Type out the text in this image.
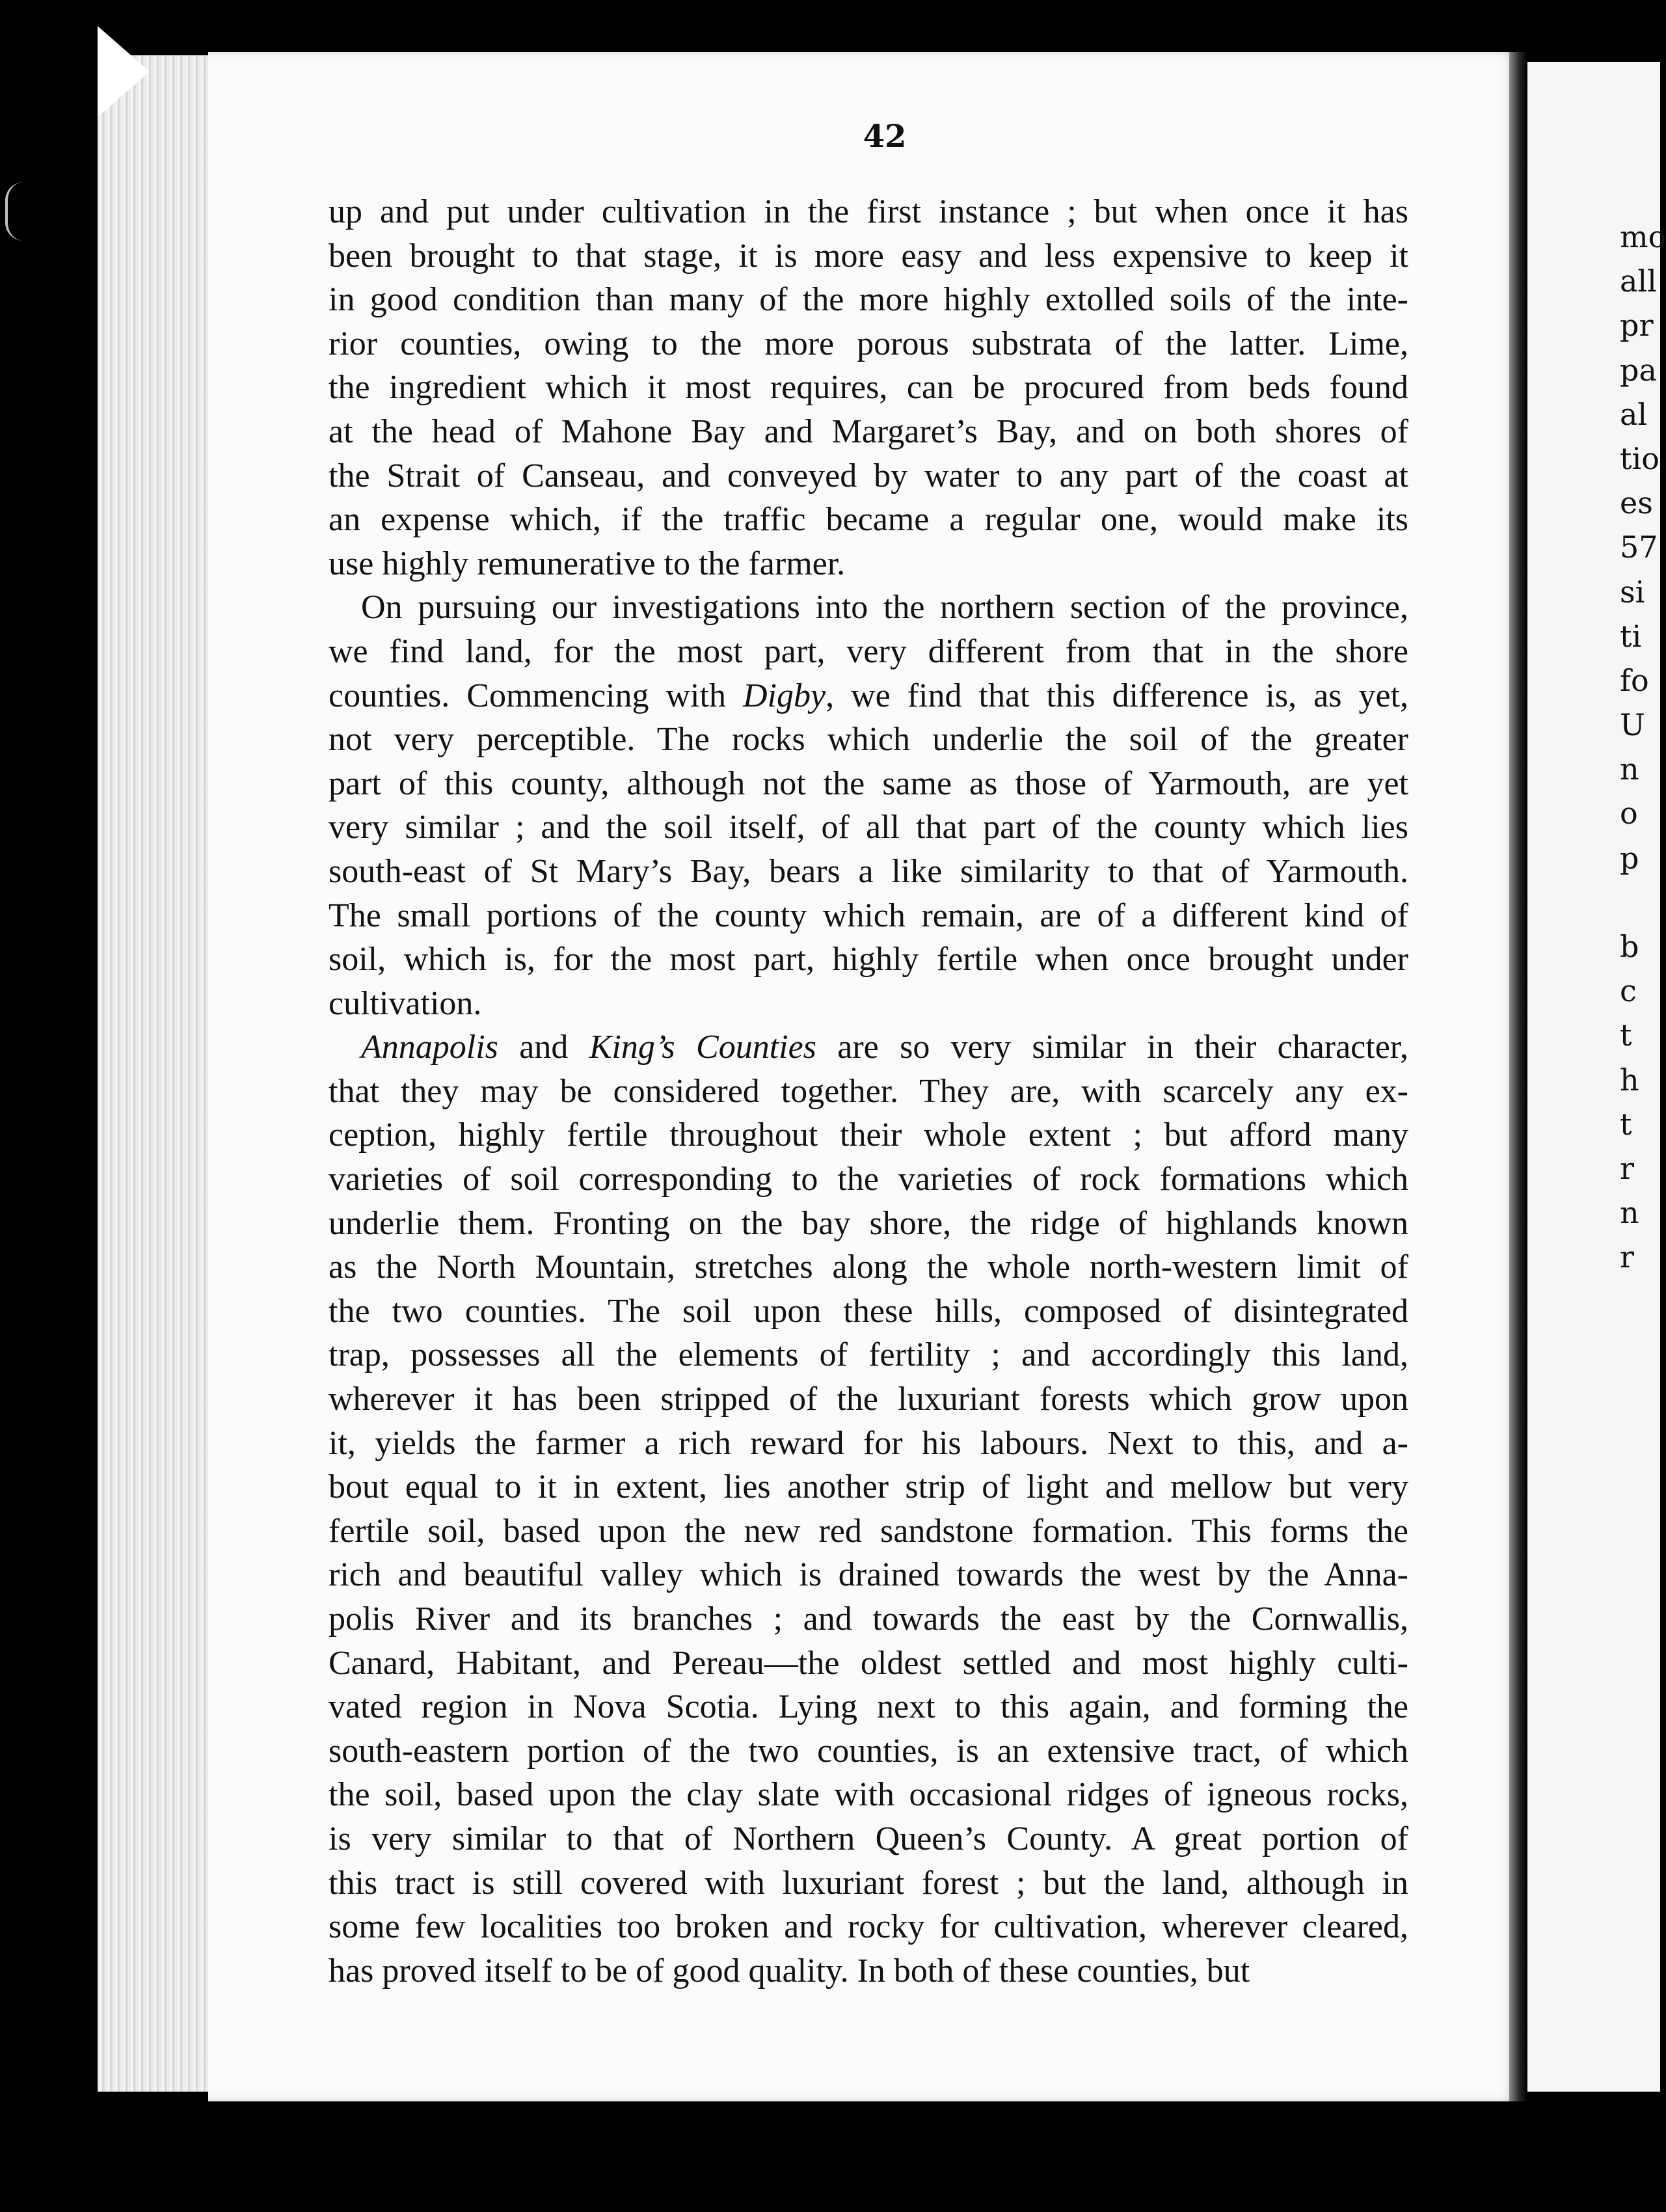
42

up and put under cultivation in the first instance ; but when once it has
been brought to that stage, it is more easy and less expensive to keep it
in good condition than many of the more highly extolled soils of the inte-
rior counties, owing to the more porous substrata of the latter. Lime,
the ingredient which it most requires, can be procured from beds found
at the head of Mahone Bay and Margaret’s Bay, and on both shores of
the Strait of Canseau, and conveyed by water to any part of the coast at
an expense which, if the traffic became a regular one, would make its
use highly remunerative to the farmer.

On pursuing our investigations into the northern section of the province,
we find land, for the most part, very different from that in the shore
counties. Commencing with Digby, we find that this difference is, as yet,
not very perceptible. The rocks which underlie the soil of the greater
part of this county, although not the same as those of Yarmouth, are yet
very similar ; and the soil itself, of all that part of the county which lies
south-east of St Mary’s Bay, bears a like similarity to that of Yarmouth.
The small portions of the county which remain, are of a different kind of
soil, which is, for the most part, highly fertile when once brought under
cultivation.

Annapolis and King’s Counties are so very similar in their character,
that they may be considered together. They are, with scarcely any ex-
ception, highly fertile throughout their whole extent ; but afford many
varieties of soil corresponding to the varieties of rock formations which
underlie them. Fronting on the bay shore, the ridge of highlands known
as the North Mountain, stretches along the whole north-western limit of
the two counties. The soil upon these hills, composed of disintegrated
trap, possesses all the elements of fertility ; and accordingly this land,
wherever it has been stripped of the luxuriant forests which grow upon
it, yields the farmer a rich reward for his labours. Next to this, and a-
bout equal to it in extent, lies another strip of light and mellow but very
fertile soil, based upon the new red sandstone formation. This forms the
rich and beautiful valley which is drained towards the west by the Anna-
polis River and its branches ; and towards the east by the Cornwallis,
Canard, Habitant, and Pereau—the oldest settled and most highly culti-
vated region in Nova Scotia. Lying next to this again, and forming the
south-eastern portion of the two counties, is an extensive tract, of which
the soil, based upon the clay slate with occasional ridges of igneous rocks,
is very similar to that of Northern Queen’s County. A great portion of
this tract is still covered with luxuriant forest ; but the land, although in
some few localities too broken and rocky for cultivation, wherever cleared,
has proved itself to be of good quality. In both of these counties, but

mo
all
pr
pa
al
tio
es
57
si
ti
fo
U
n
o
p
b
c
t
h
t
r
n
r
